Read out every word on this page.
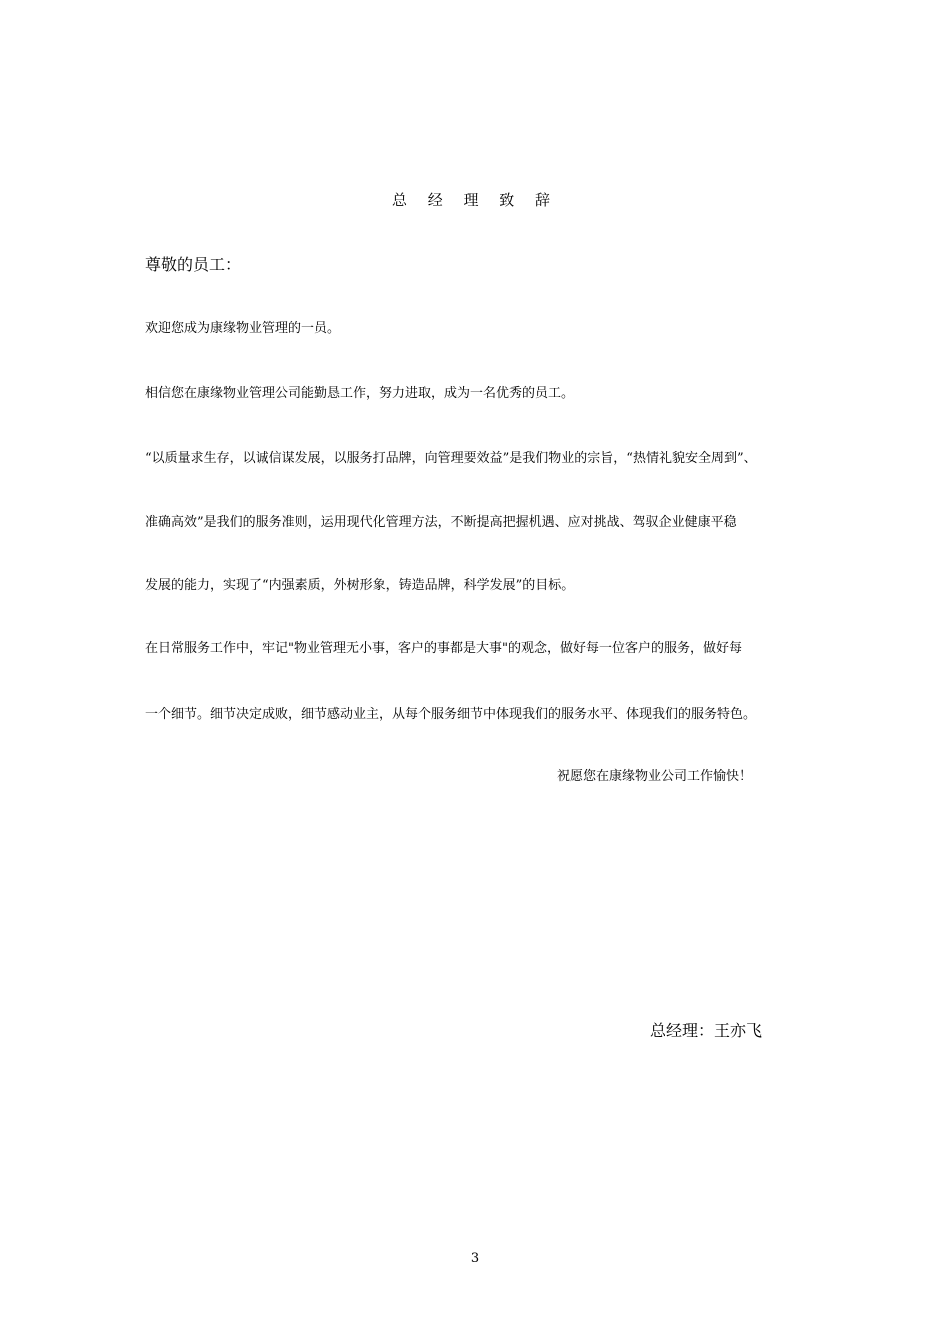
总 经 理 致 辞
尊敬的员工：
欢迎您成为康缘物业管理的一员。
相信您在康缘物业管理公司能勤恳工作，努力进取，成为一名优秀的员工。
“以质量求生存，以诚信谋发展，以服务打品牌，向管理要效益”是我们物业的宗旨，“热情礼貌安全周到”、
准确高效”是我们的服务准则，运用现代化管理方法，不断提高把握机遇、应对挑战、驾驭企业健康平稳
发展的能力，实现了“内强素质，外树形象，铸造品牌，科学发展”的目标。
在日常服务工作中，牢记"物业管理无小事，客户的事都是大事"的观念，做好每一位客户的服务，做好每
一个细节。细节决定成败，细节感动业主，从每个服务细节中体现我们的服务水平、体现我们的服务特色。
祝愿您在康缘物业公司工作愉快！
总经理：王亦飞
3
